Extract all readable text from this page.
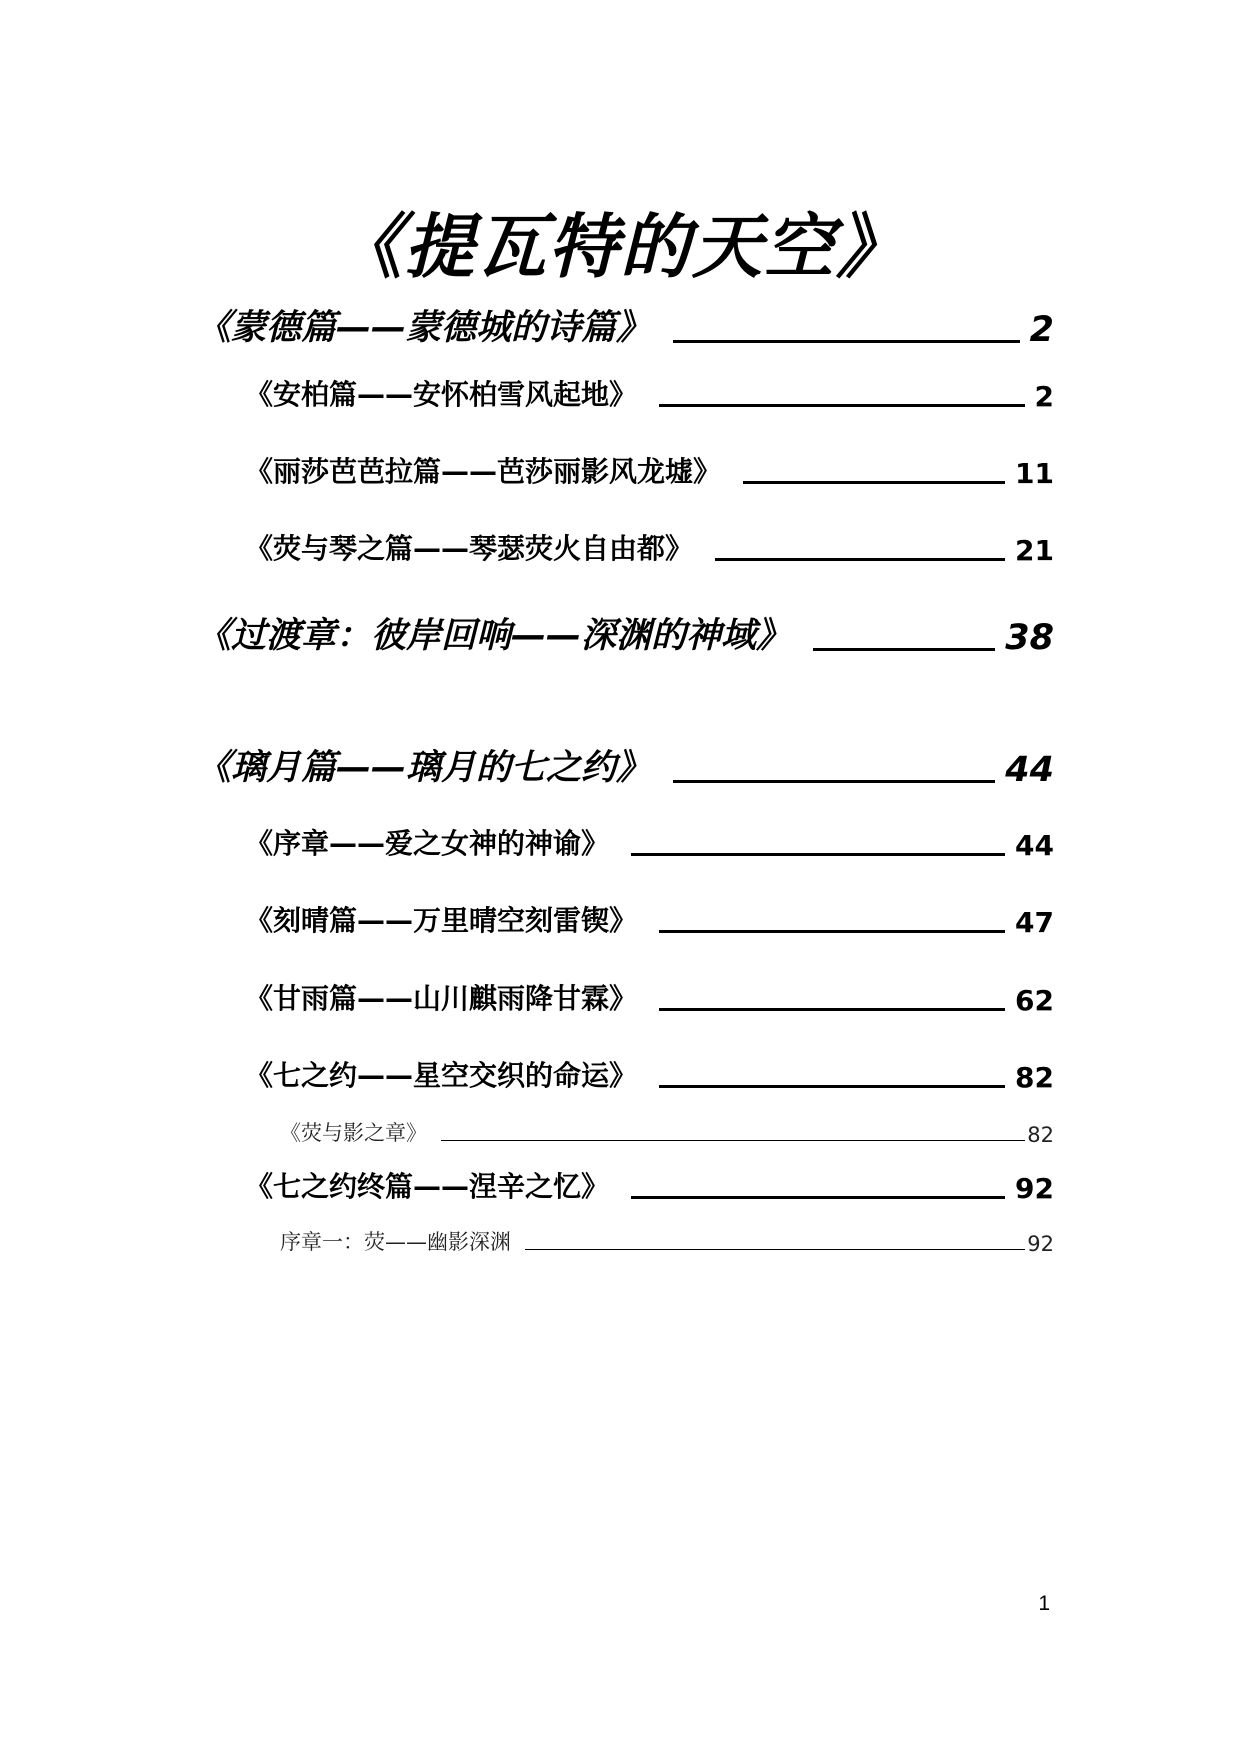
《提瓦特的天空》
《蒙德篇——蒙德城的诗篇》	2
《安柏篇——安怀柏雪风起地》	2
《丽莎芭芭拉篇——芭莎丽影风龙墟》	11
《荧与琴之篇——琴瑟荧火自由都》	21
《过渡章：彼岸回响——深渊的神域》	38
《璃月篇——璃月的七之约》	44
《序章——爱之女神的神谕》	44
《刻晴篇——万里晴空刻雷锲》	47
《甘雨篇——山川麒雨降甘霖》	62
《七之约——星空交织的命运》	82
《荧与影之章》	82
《七之约终篇——涅辛之忆》	92
序章一：荧——幽影深渊	92
1
